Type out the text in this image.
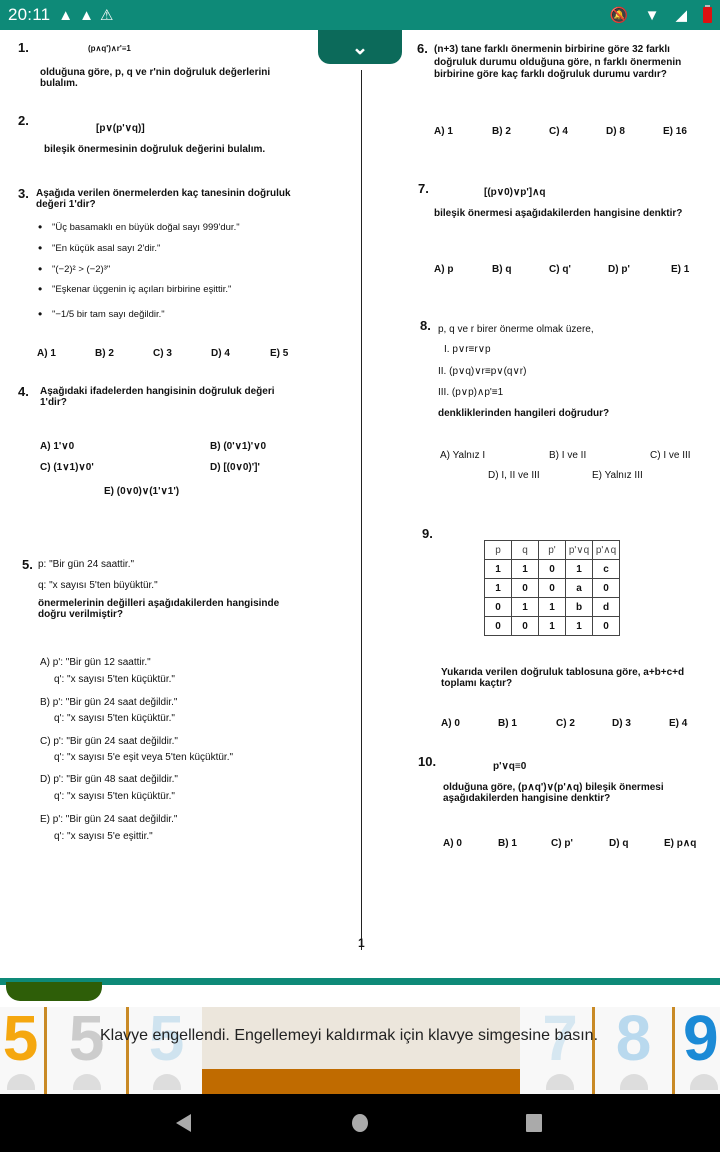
20:11 ▲ ▲ ⚠	🔕 ▼ ◢
⌄
1.	(p∧q')∧r'≡1
olduğuna göre, p, q ve r'nin doğruluk değerlerini bulalım.
2.
[p∨(p'∨q)]
bileşik önermesinin doğruluk değerini bulalım.
3. Aşağıda verilen önermelerden kaç tanesinin doğruluk değeri 1'dir?
• "Üç basamaklı en büyük doğal sayı 999'dur."
• "En küçük asal sayı 2'dir."
• "(−2)² > (−2)³"
• "Eşkenar üçgenin iç açıları birbirine eşittir."
• "−1/5 bir tam sayı değildir."
A) 1	B) 2	C) 3	D) 4	E) 5
4. Aşağıdaki ifadelerden hangisinin doğruluk değeri 1'dir?
A) 1'∨0	B) (0'∨1)'∨0
C) (1∨1)∨0'	D) [(0∨0)']'
E) (0∨0)∨(1'∨1')
5. p: "Bir gün 24 saattir."
q: "x sayısı 5'ten büyüktür."
önermelerinin değilleri aşağıdakilerden hangisinde doğru verilmiştir?
A) p': "Bir gün 12 saattir."
q': "x sayısı 5'ten küçüktür."
B) p': "Bir gün 24 saat değildir."
q': "x sayısı 5'ten küçüktür."
C) p': "Bir gün 24 saat değildir."
q': "x sayısı 5'e eşit veya 5'ten küçüktür."
D) p': "Bir gün 48 saat değildir."
q': "x sayısı 5'ten küçüktür."
E) p': "Bir gün 24 saat değildir."
q': "x sayısı 5'e eşittir."
6. (n+3) tane farklı önermenin birbirine göre 32 farklı doğruluk durumu olduğuna göre, n farklı önermenin birbirine göre kaç farklı doğruluk durumu vardır?
A) 1	B) 2	C) 4	D) 8	E) 16
7.	[(p∨0)∨p']∧q
bileşik önermesi aşağıdakilerden hangisine denktir?
A) p	B) q	C) q'	D) p'	E) 1
8. p, q ve r birer önerme olmak üzere,
I. p∨r≡r∨p
II. (p∨q)∨r≡p∨(q∨r)
III. (p∨p)∧p'≡1
denkliklerinden hangileri doğrudur?
A) Yalnız I	B) I ve II	C) I ve III
D) I, II ve III	E) Yalnız III
9.
p	q	p'	p'∨q	p'∧q
1	1	0	1	c
1	0	0	a	0
0	1	1	b	d
0	0	1	1	0
Yukarıda verilen doğruluk tablosuna göre, a+b+c+d toplamı kaçtır?
A) 0	B) 1	C) 2	D) 3	E) 4
10.	p'∨q≡0
olduğuna göre, (p∧q')∨(p'∧q) bileşik önermesi aşağıdakilerden hangisine denktir?
A) 0	B) 1	C) p'	D) q	E) p∧q
1
5 5 5	7 8 9
Klavye engellendi. Engellemeyi kaldırmak için klavye simgesine basın.
